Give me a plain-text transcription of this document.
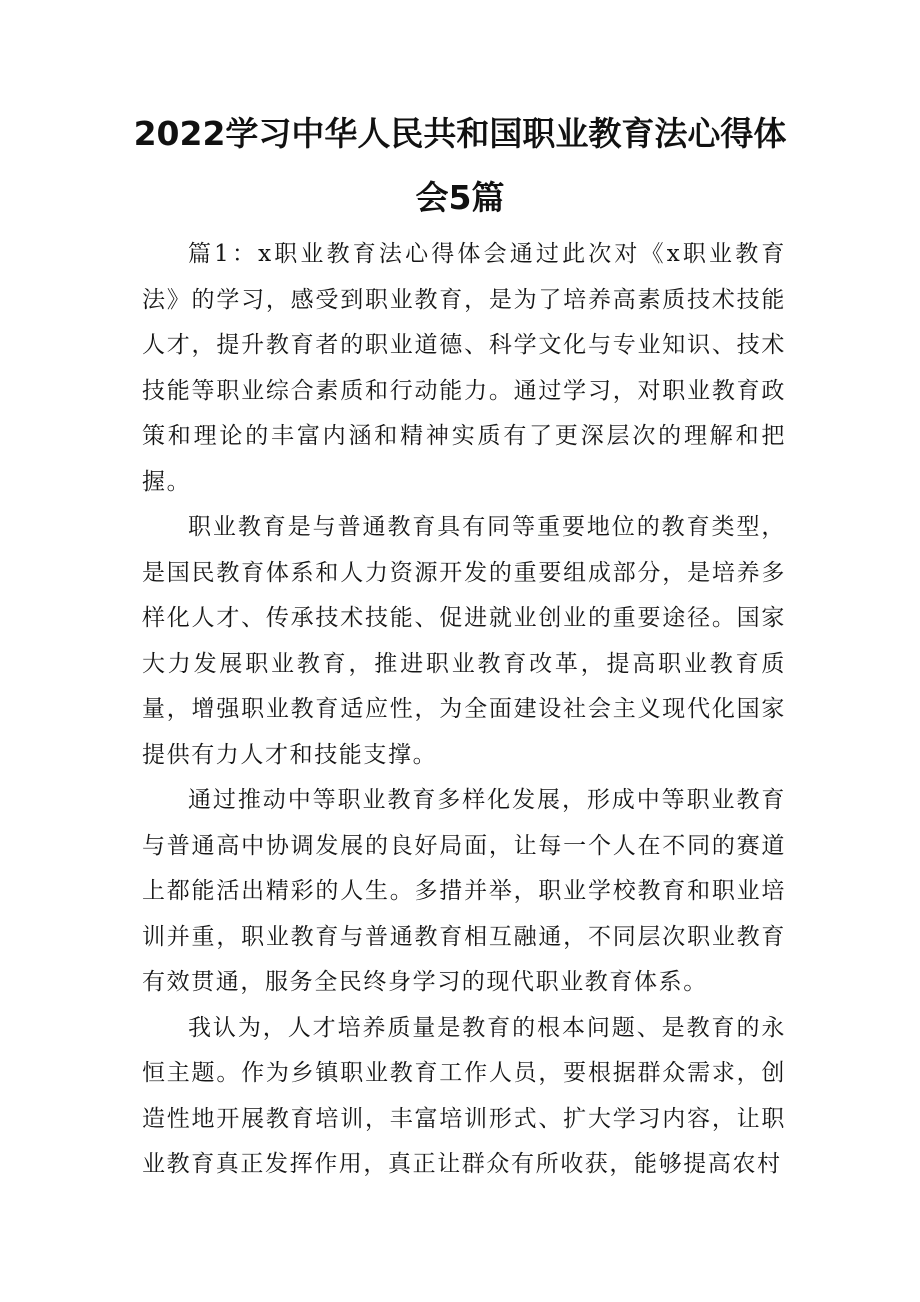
2022学习中华人民共和国职业教育法心得体会5篇

篇1：x职业教育法心得体会通过此次对《x职业教育法》的学习，感受到职业教育，是为了培养高素质技术技能人才，提升教育者的职业道德、科学文化与专业知识、技术技能等职业综合素质和行动能力。通过学习，对职业教育政策和理论的丰富内涵和精神实质有了更深层次的理解和把握。

职业教育是与普通教育具有同等重要地位的教育类型，是国民教育体系和人力资源开发的重要组成部分，是培养多样化人才、传承技术技能、促进就业创业的重要途径。国家大力发展职业教育，推进职业教育改革，提高职业教育质量，增强职业教育适应性，为全面建设社会主义现代化国家提供有力人才和技能支撑。

通过推动中等职业教育多样化发展，形成中等职业教育与普通高中协调发展的良好局面，让每一个人在不同的赛道上都能活出精彩的人生。多措并举，职业学校教育和职业培训并重，职业教育与普通教育相互融通，不同层次职业教育有效贯通，服务全民终身学习的现代职业教育体系。

我认为，人才培养质量是教育的根本问题、是教育的永恒主题。作为乡镇职业教育工作人员，要根据群众需求，创造性地开展教育培训，丰富培训形式、扩大学习内容，让职业教育真正发挥作用，真正让群众有所收获，能够提高农村
